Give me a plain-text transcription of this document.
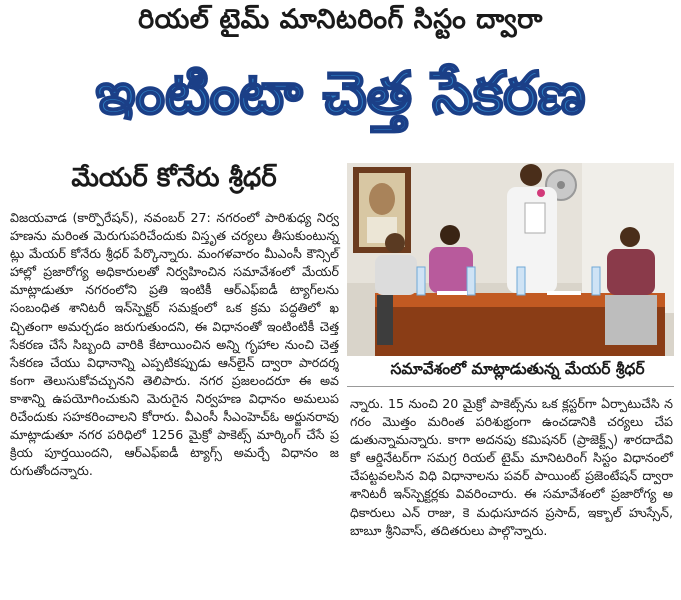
రియల్ టైమ్ మానిటరింగ్ సిస్టం ద్వారా
ఇంటింటా చెత్త సేకరణ
మేయర్ కోనేరు శ్రీధర్
విజయవాడ (కార్పొరేషన్), నవంబర్ 27: నగరంలో పారిశుధ్య నిర్వహణను మరింత మెరుగుపరిచేందుకు విస్తృత చర్యలు తీసుకుంటున్నట్లు మేయర్ కోనేరు శ్రీధర్ పేర్కొన్నారు. మంగళవారం మీఎంసీ కౌన్సిల్ హాల్లో ప్రజారోగ్య అధికారులతో నిర్వహించిన సమావేశంలో మేయర్ మాట్లాడుతూ నగరంలోని ప్రతి ఇంటికీ ఆర్‌ఎఫ్‌ఐడీ ట్యాగ్‌లను సంబంధిత శానిటరీ ఇన్‌స్పెక్టర్ సమక్షంలో ఒక క్రమ పద్ధతిలో ఖచ్చితంగా అమర్చడం జరుగుతుందని, ఈ విధానంతో ఇంటింటికీ చెత్త సేకరణ చేసే సిబ్బంది వారికి కేటాయించిన అన్ని గృహాల నుంచి చెత్త సేకరణ చేయు విధానాన్ని ఎప్పటికప్పుడు ఆన్‌లైన్ ద్వారా పారదర్శకంగా తెలుసుకోవచ్చునని తెలిపారు. నగర ప్రజలందరూ ఈ అవకాశాన్ని ఉపయోగించుకుని మెరుగైన నిర్వహణ విధానం అమలుపరిచేందుకు సహకరించాలని కోరారు. వీఎంసీ సీఎంహెచ్ఓ అర్జునరావు మాట్లాడుతూ నగర పరిధిలో 1256 మైక్రో పాకెట్స్ మార్కింగ్ చేసే ప్రక్రియ పూర్తయిందని, ఆర్‌ఎఫ్‌ఐడీ ట్యాగ్స్ అమర్చే విధానం జరుగుతోందన్నారు.
సమావేశంలో మాట్లాడుతున్న మేయర్ శ్రీధర్
న్నారు. 15 నుంచి 20 మైక్రో పాకెట్స్‌ను ఒక క్లస్టర్‌గా ఏర్పాటుచేసి నగరం మొత్తం మరింత పరిశుభ్రంగా ఉంచడానికి చర్యలు చేపడుతున్నామన్నారు. కాగా అదనపు కమిషనర్ (ప్రాజెక్ట్స్) శారదాదేవి కో ఆర్డినేటర్‌గా సమగ్ర రియల్ టైమ్ మానిటరింగ్ సిస్టం విధానంలో చేపట్టవలసిన విధి విధానాలను పవర్ పాయింట్ ప్రజెంటేషన్ ద్వారా శానిటరీ ఇన్‌స్పెక్టర్లకు వివరించారు. ఈ సమావేశంలో ప్రజారోగ్య అధికారులు ఎన్ రాజు, కె మధుసూదన ప్రసాద్, ఇక్బాల్ హుస్సేన్, బాబూ శ్రీనివాస్, తదితరులు పాల్గొన్నారు.
